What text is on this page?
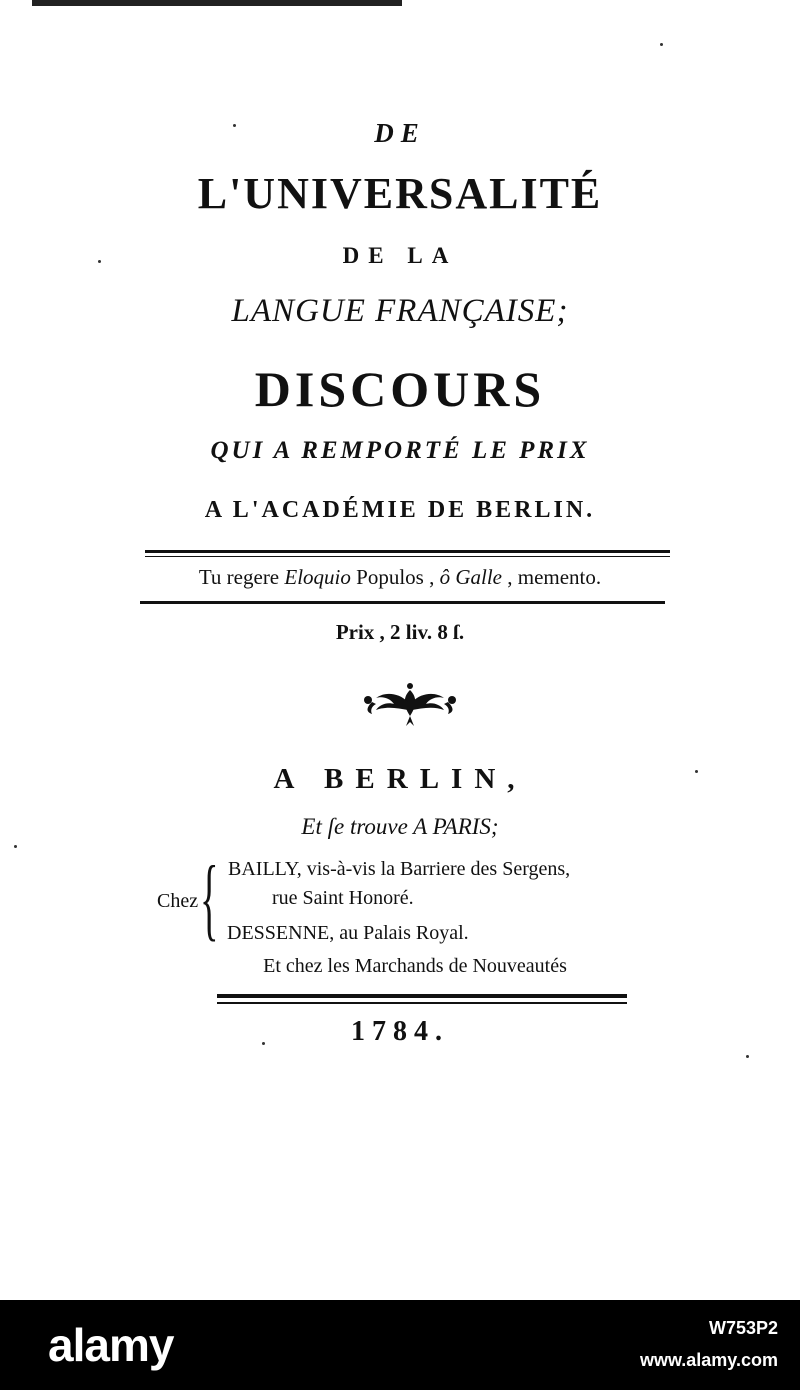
DE
L'UNIVERSALITÉ
DE LA
LANGUE FRANÇAISE;
DISCOURS
QUI A REMPORTÉ LE PRIX
A L'ACADÉMIE DE BERLIN.
Tu regere Eloquio Populos , ô Galle , memento.
Prix , 2 liv. 8 ſ.
A BERLIN,
Et ſe trouve A PARIS;
Chez { BAILLY, vis-à-vis la Barriere des Sergens,
rue Saint Honoré.
DESSENNE, au Palais Royal.
Et chez les Marchands de Nouveautés
1784.
alamy	W753P2
www.alamy.com
